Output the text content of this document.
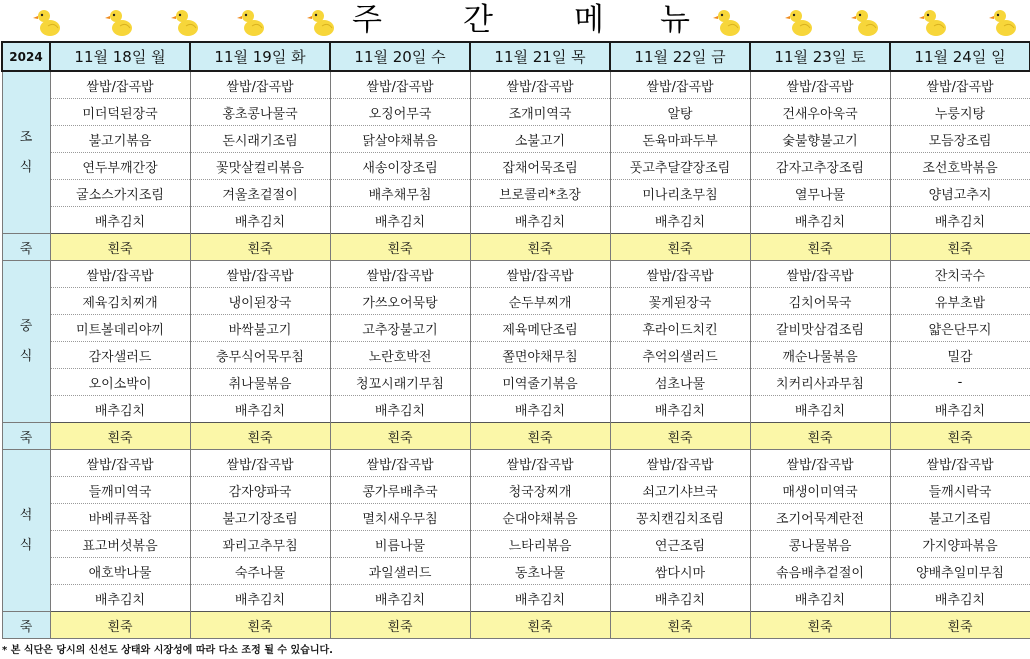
주	간	메 뉴
2024	11월 18일 월	11월 19일 화	11월 20일 수	11월 21일 목	11월 22일 금	11월 23일 토	11월 24일 일

조
식	쌀밥/잡곡밥	쌀밥/잡곡밥	쌀밥/잡곡밥	쌀밥/잡곡밥	쌀밥/잡곡밥	쌀밥/잡곡밥	쌀밥/잡곡밥
	미더덕된장국	홍초콩나물국	오징어무국	조개미역국	알탕	건새우아욱국	누룽지탕
	불고기볶음	돈시래기조림	닭살야채볶음	소불고기	돈육마파두부	숯불향불고기	모듬장조림
	연두부깨간장	꽃맛살컬리볶음	새송이장조림	잡채어묵조림	풋고추달걀장조림	감자고추장조림	조선호박볶음
	굴소스가지조림	겨울초겉절이	배추채무침	브로콜리*초장	미나리초무침	열무나물	양념고추지
	배추김치	배추김치	배추김치	배추김치	배추김치	배추김치	배추김치
죽	흰죽	흰죽	흰죽	흰죽	흰죽	흰죽	흰죽

중
식	쌀밥/잡곡밥	쌀밥/잡곡밥	쌀밥/잡곡밥	쌀밥/잡곡밥	쌀밥/잡곡밥	쌀밥/잡곡밥	잔치국수
	제육김치찌개	냉이된장국	가쓰오어묵탕	순두부찌개	꽃게된장국	김치어묵국	유부초밥
	미트볼데리야끼	바싹불고기	고추장불고기	제육메단조림	후라이드치킨	갈비맛삼겹조림	얇은단무지
	감자샐러드	충무식어묵무침	노란호박전	쫄면야채무침	추억의샐러드	깨순나물볶음	밀감
	오이소박이	취나물볶음	청꼬시래기무침	미역줄기볶음	섬초나물	치커리사과무침	-
	배추김치	배추김치	배추김치	배추김치	배추김치	배추김치	배추김치
죽	흰죽	흰죽	흰죽	흰죽	흰죽	흰죽	흰죽

석
식	쌀밥/잡곡밥	쌀밥/잡곡밥	쌀밥/잡곡밥	쌀밥/잡곡밥	쌀밥/잡곡밥	쌀밥/잡곡밥	쌀밥/잡곡밥
	들깨미역국	감자양파국	콩가루배추국	청국장찌개	쇠고기샤브국	매생이미역국	들깨시락국
	바베큐폭찹	불고기장조림	멸치새우무침	순대야채볶음	꽁치캔김치조림	조기어묵계란전	불고기조림
	표고버섯볶음	꽈리고추무침	비름나물	느타리볶음	연근조림	콩나물볶음	가지양파볶음
	애호박나물	숙주나물	과일샐러드	동초나물	쌈다시마	솎음배추겉절이	양배추일미무침
	배추김치	배추김치	배추김치	배추김치	배추김치	배추김치	배추김치
죽	흰죽	흰죽	흰죽	흰죽	흰죽	흰죽	흰죽
* 본 식단은 당시의 신선도 상태와 시장성에 따라 다소 조정 될 수 있습니다.
